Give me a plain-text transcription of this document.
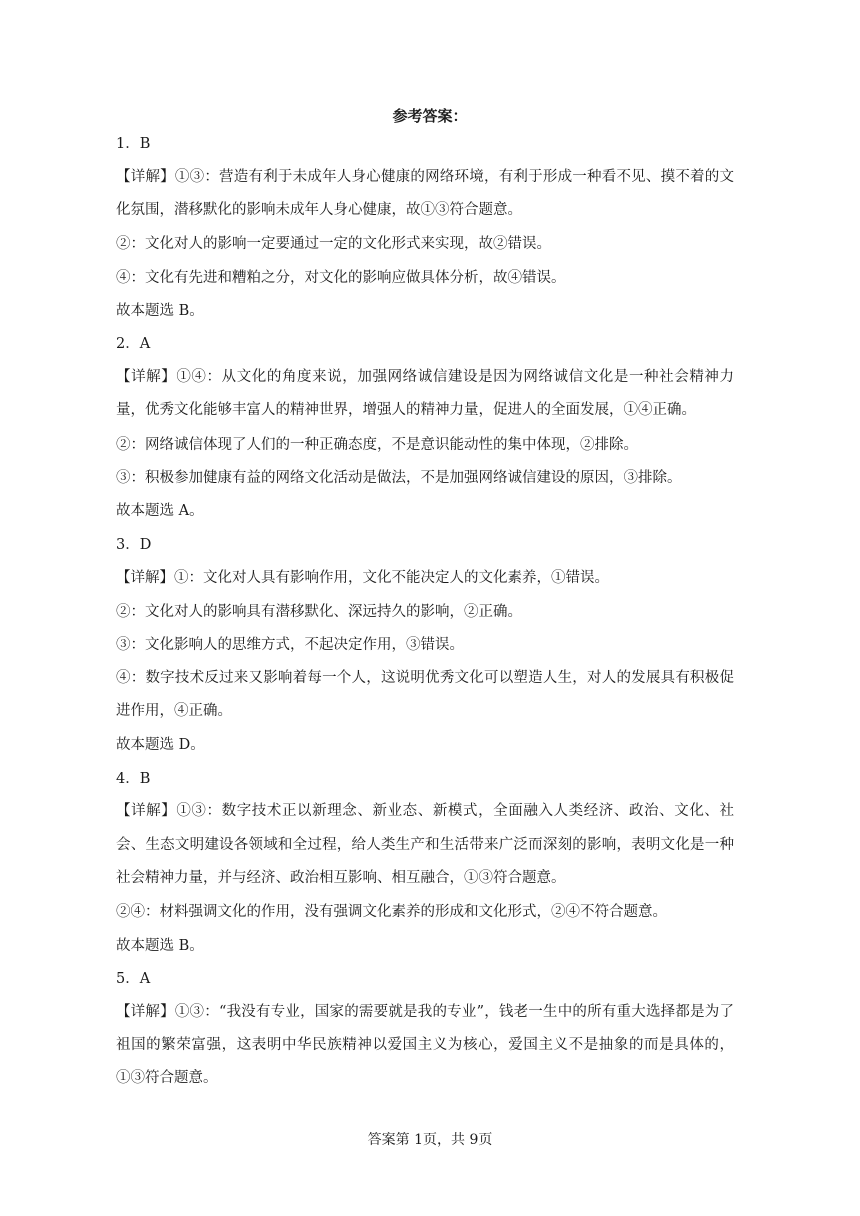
参考答案：

1．B

【详解】①③：营造有利于未成年人身心健康的网络环境，有利于形成一种看不见、摸不着的文化氛围，潜移默化的影响未成年人身心健康，故①③符合题意。

②：文化对人的影响一定要通过一定的文化形式来实现，故②错误。

④：文化有先进和糟粕之分，对文化的影响应做具体分析，故④错误。

故本题选 B。

2．A

【详解】①④：从文化的角度来说，加强网络诚信建设是因为网络诚信文化是一种社会精神力量，优秀文化能够丰富人的精神世界，增强人的精神力量，促进人的全面发展，①④正确。

②：网络诚信体现了人们的一种正确态度，不是意识能动性的集中体现，②排除。

③：积极参加健康有益的网络文化活动是做法，不是加强网络诚信建设的原因，③排除。

故本题选 A。

3．D

【详解】①：文化对人具有影响作用，文化不能决定人的文化素养，①错误。

②：文化对人的影响具有潜移默化、深远持久的影响，②正确。

③：文化影响人的思维方式，不起决定作用，③错误。

④：数字技术反过来又影响着每一个人，这说明优秀文化可以塑造人生，对人的发展具有积极促进作用，④正确。

故本题选 D。

4．B

【详解】①③：数字技术正以新理念、新业态、新模式，全面融入人类经济、政治、文化、社会、生态文明建设各领域和全过程，给人类生产和生活带来广泛而深刻的影响，表明文化是一种社会精神力量，并与经济、政治相互影响、相互融合，①③符合题意。

②④：材料强调文化的作用，没有强调文化素养的形成和文化形式，②④不符合题意。

故本题选 B。

5．A

【详解】①③：“我没有专业，国家的需要就是我的专业”，钱老一生中的所有重大选择都是为了祖国的繁荣富强，这表明中华民族精神以爱国主义为核心，爱国主义不是抽象的而是具体的，①③符合题意。

答案第 1页，共 9页
